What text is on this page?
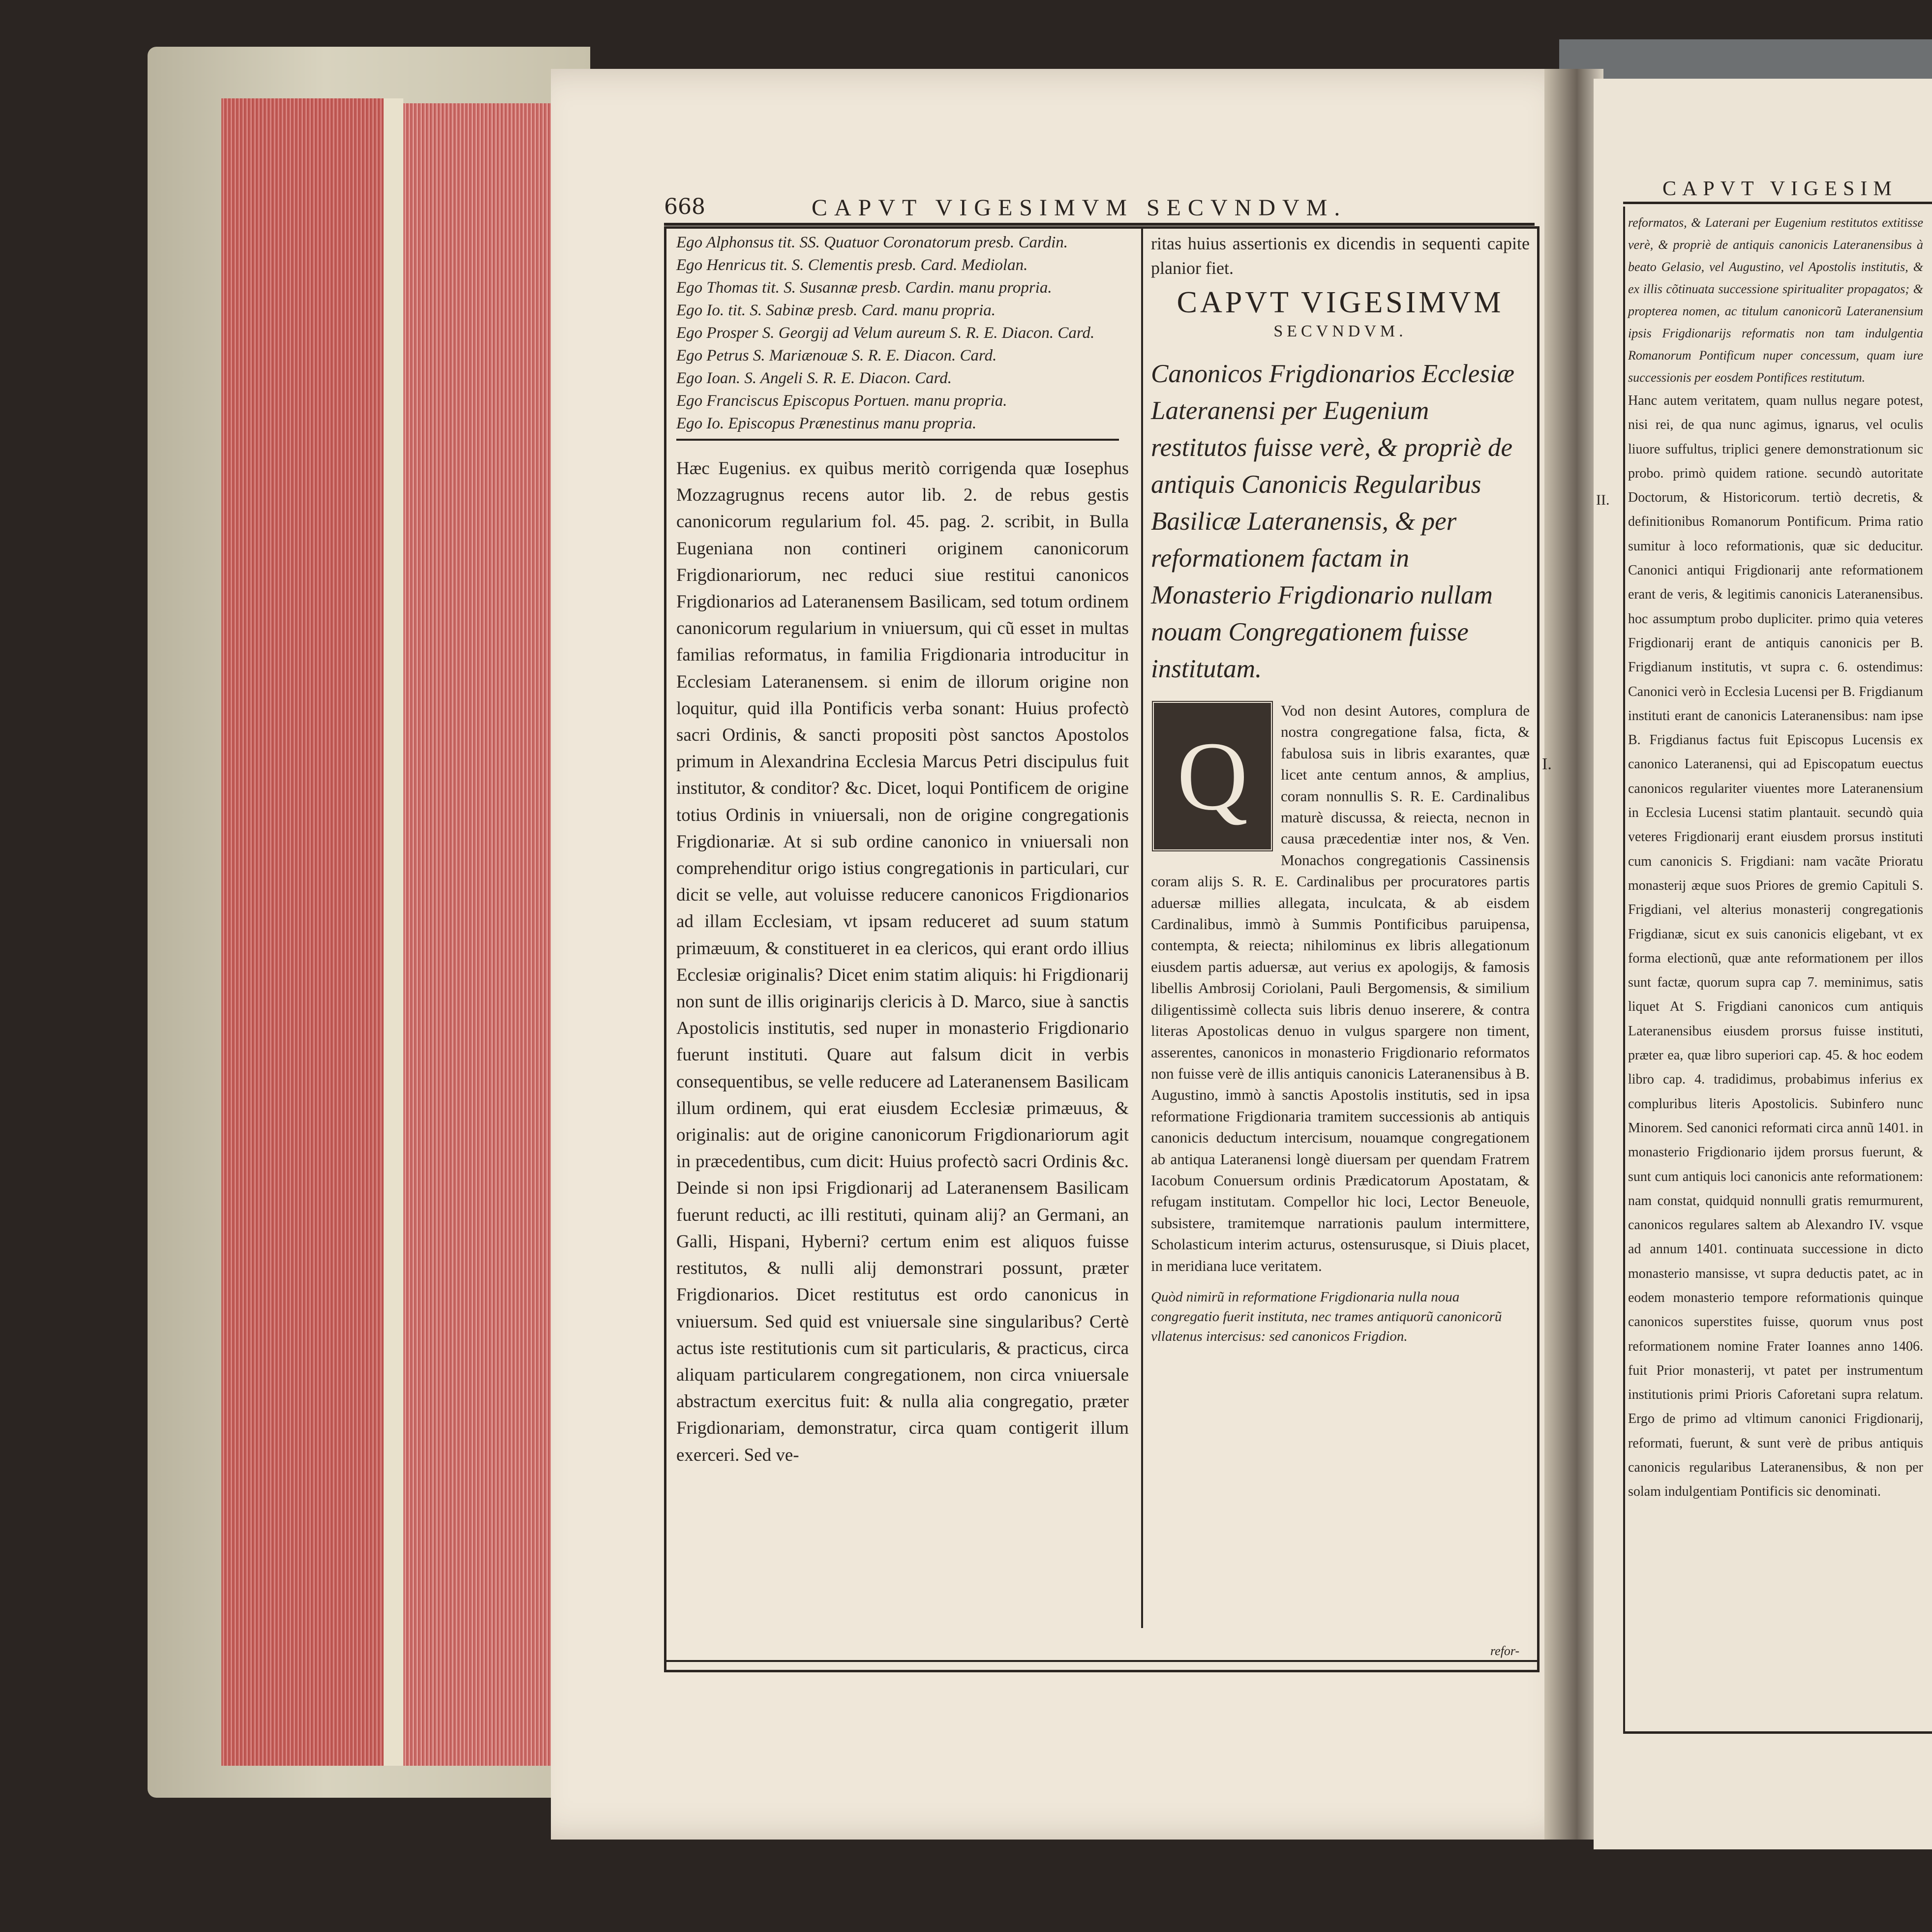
668	CAPVT VIGESIMVM SECVNDVM.

Ego Alphonsus tit. SS. Quatuor Coronatorum presb. Cardin.

Ego Henricus tit. S. Clementis presb. Card. Mediolan.

Ego Thomas tit. S. Susannæ presb. Cardin. manu propria.

Ego Io. tit. S. Sabinæ presb. Card. manu propria.

Ego Prosper S. Georgij ad Velum aureum S. R. E. Diacon. Card.

Ego Petrus S. Mariænouæ S. R. E. Diacon. Card.

Ego Ioan. S. Angeli S. R. E. Diacon. Card.

Ego Franciscus Episcopus Portuen. manu propria.

Ego Io. Episcopus Prænestinus manu propria.

Hæc Eugenius. ex quibus meritò corrigenda quæ Iosephus Mozzagrugnus recens autor lib. 2. de rebus gestis canonicorum regularium fol. 45. pag. 2. scribit, in Bulla Eugeniana non contineri originem canonicorum Frigdionariorum, nec reduci siue restitui canonicos Frigdionarios ad Lateranensem Basilicam, sed totum ordinem canonicorum regularium in vniuersum, qui cũ esset in multas familias reformatus, in familia Frigdionaria introducitur in Ecclesiam Lateranensem. si enim de illorum origine non loquitur, quid illa Pontificis verba sonant: Huius profectò sacri Ordinis, & sancti propositi pòst sanctos Apostolos primum in Alexandrina Ecclesia Marcus Petri discipulus fuit institutor, & conditor? &c. Dicet, loqui Pontificem de origine totius Ordinis in vniuersali, non de origine congregationis Frigdionariæ. At si sub ordine canonico in vniuersali non comprehenditur origo istius congregationis in particulari, cur dicit se velle, aut voluisse reducere canonicos Frigdionarios ad illam Ecclesiam, vt ipsam reduceret ad suum statum primæuum, & constitueret in ea clericos, qui erant ordo illius Ecclesiæ originalis? Dicet enim statim aliquis: hi Frigdionarij non sunt de illis originarijs clericis à D. Marco, siue à sanctis Apostolicis institutis, sed nuper in monasterio Frigdionario fuerunt instituti. Quare aut falsum dicit in verbis consequentibus, se velle reducere ad Lateranensem Basilicam illum ordinem, qui erat eiusdem Ecclesiæ primæuus, & originalis: aut de origine canonicorum Frigdionariorum agit in præcedentibus, cum dicit: Huius profectò sacri Ordinis &c. Deinde si non ipsi Frigdionarij ad Lateranensem Basilicam fuerunt reducti, ac illi restituti, quinam alij? an Germani, an Galli, Hispani, Hyberni? certum enim est aliquos fuisse restitutos, & nulli alij demonstrari possunt, præter Frigdionarios. Dicet restitutus est ordo canonicus in vniuersum. Sed quid est vniuersale sine singularibus? Certè actus iste restitutionis cum sit particularis, & practicus, circa aliquam particularem congregationem, non circa vniuersale abstractum exercitus fuit: & nulla alia congregatio, præter Frigdionariam, demonstratur, circa quam contigerit illum exerceri. Sed ve-

ritas huius assertionis ex dicendis in sequenti capite planior fiet.

CAPVT VIGESIMVM

SECVNDVM.

Canonicos Frigdionarios Ecclesiæ Lateranensi per Eugenium restitutos fuisse verè, & propriè de antiquis Canonicis Regularibus Basilicæ Lateranensis, & per reformationem factam in Monasterio Frigdionario nullam nouam Congregationem fuisse institutam.

Q

Vod non desint Autores, complura de nostra congregatione falsa, ficta, & fabulosa suis in libris exarantes, quæ licet ante centum annos, & amplius, coram nonnullis S. R. E. Cardinalibus maturè discussa, & reiecta, necnon in causa præcedentiæ inter nos, & Ven. Monachos congregationis Cassinensis coram alijs S. R. E. Cardinalibus per procuratores partis aduersæ millies allegata, inculcata, & ab eisdem Cardinalibus, immò à Summis Pontificibus paruipensa, contempta, & reiecta; nihilominus ex libris allegationum eiusdem partis aduersæ, aut verius ex apologijs, & famosis libellis Ambrosij Coriolani, Pauli Bergomensis, & similium diligentissimè collecta suis libris denuo inserere, & contra literas Apostolicas denuo in vulgus spargere non timent, asserentes, canonicos in monasterio Frigdionario reformatos non fuisse verè de illis antiquis canonicis Lateranensibus à B. Augustino, immò à sanctis Apostolis institutis, sed in ipsa reformatione Frigdionaria tramitem successionis ab antiquis canonicis deductum intercisum, nouamque congregationem ab antiqua Lateranensi longè diuersam per quendam Fratrem Iacobum Conuersum ordinis Prædicatorum Apostatam, & refugam institutam. Compellor hic loci, Lector Beneuole, subsistere, tramitemque narrationis paulum intermittere, Scholasticum interim acturus, ostensurusque, si Diuis placet, in meridiana luce veritatem.

Quòd nimirũ in reformatione Frigdionaria nulla noua congregatio fuerit instituta, nec trames antiquorũ canonicorũ vllatenus intercisus: sed canonicos Frigdion.

I.
refor-
CAPVT VIGESIM
II.

reformatos, & Laterani per Eugenium restitutos extitisse verè, & propriè de antiquis canonicis Lateranensibus à beato Gelasio, vel Augustino, vel Apostolis institutis, & ex illis cõtinuata successione spiritualiter propagatos; & propterea nomen, ac titulum canonicorũ Lateranensium ipsis Frigdionarijs reformatis non tam indulgentia Romanorum Pontificum nuper concessum, quam iure successionis per eosdem Pontifices restitutum.

Hanc autem veritatem, quam nullus negare potest, nisi rei, de qua nunc agimus, ignarus, vel oculis liuore suffultus, triplici genere demonstrationum sic probo. primò quidem ratione. secundò autoritate Doctorum, & Historicorum. tertiò decretis, & definitionibus Romanorum Pontificum. Prima ratio sumitur à loco reformationis, quæ sic deducitur. Canonici antiqui Frigdionarij ante reformationem erant de veris, & legitimis canonicis Lateranensibus. hoc assumptum probo dupliciter. primo quia veteres Frigdionarij erant de antiquis canonicis per B. Frigdianum institutis, vt supra c. 6. ostendimus: Canonici verò in Ecclesia Lucensi per B. Frigdianum instituti erant de canonicis Lateranensibus: nam ipse B. Frigdianus factus fuit Episcopus Lucensis ex canonico Lateranensi, qui ad Episcopatum euectus canonicos regulariter viuentes more Lateranensium in Ecclesia Lucensi statim plantauit. secundò quia veteres Frigdionarij erant eiusdem prorsus instituti cum canonicis S. Frigdiani: nam vacãte Prioratu monasterij æque suos Priores de gremio Capituli S. Frigdiani, vel alterius monasterij congregationis Frigdianæ, sicut ex suis canonicis eligebant, vt ex forma electionũ, quæ ante reformationem per illos sunt factæ, quorum supra cap 7. meminimus, satis liquet At S. Frigdiani canonicos cum antiquis Lateranensibus eiusdem prorsus fuisse instituti, præter ea, quæ libro superiori cap. 45. & hoc eodem libro cap. 4. tradidimus, probabimus inferius ex compluribus literis Apostolicis. Subinfero nunc Minorem. Sed canonici reformati circa annũ 1401. in monasterio Frigdionario ijdem prorsus fuerunt, & sunt cum antiquis loci canonicis ante reformationem: nam constat, quidquid nonnulli gratis remurmurent, canonicos regulares saltem ab Alexandro IV. vsque ad annum 1401. continuata successione in dicto monasterio mansisse, vt supra deductis patet, ac in eodem monasterio tempore reformationis quinque canonicos superstites fuisse, quorum vnus post reformationem nomine Frater Ioannes anno 1406. fuit Prior monasterij, vt patet per instrumentum institutionis primi Prioris Caforetani supra relatum. Ergo de primo ad vltimum canonici Frigdionarij, reformati, fuerunt, & sunt verè de pribus antiquis canonicis regularibus Lateranensibus, & non per solam indulgentiam Pontificis sic denominati.
